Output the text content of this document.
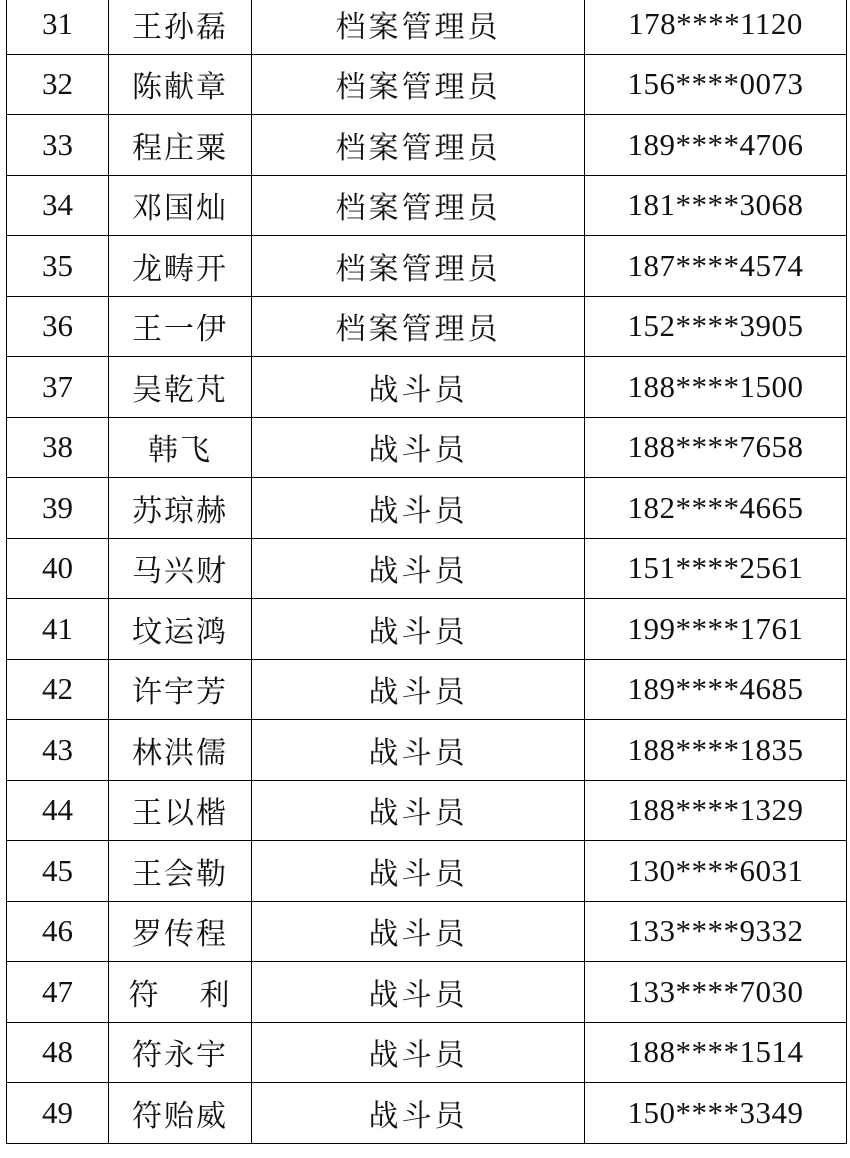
31	王孙磊	档案管理员	178****1120
32	陈献章	档案管理员	156****0073
33	程庄粟	档案管理员	189****4706
34	邓国灿	档案管理员	181****3068
35	龙畴开	档案管理员	187****4574
36	王一伊	档案管理员	152****3905
37	吴乾芃	战斗员	188****1500
38	韩飞	战斗员	188****7658
39	苏琼赫	战斗员	182****4665
40	马兴财	战斗员	151****2561
41	坟运鸿	战斗员	199****1761
42	许宇芳	战斗员	189****4685
43	林洪儒	战斗员	188****1835
44	王以楷	战斗员	188****1329
45	王会勒	战斗员	130****6031
46	罗传程	战斗员	133****9332
47	符  利	战斗员	133****7030
48	符永宇	战斗员	188****1514
49	符贻威	战斗员	150****3349
